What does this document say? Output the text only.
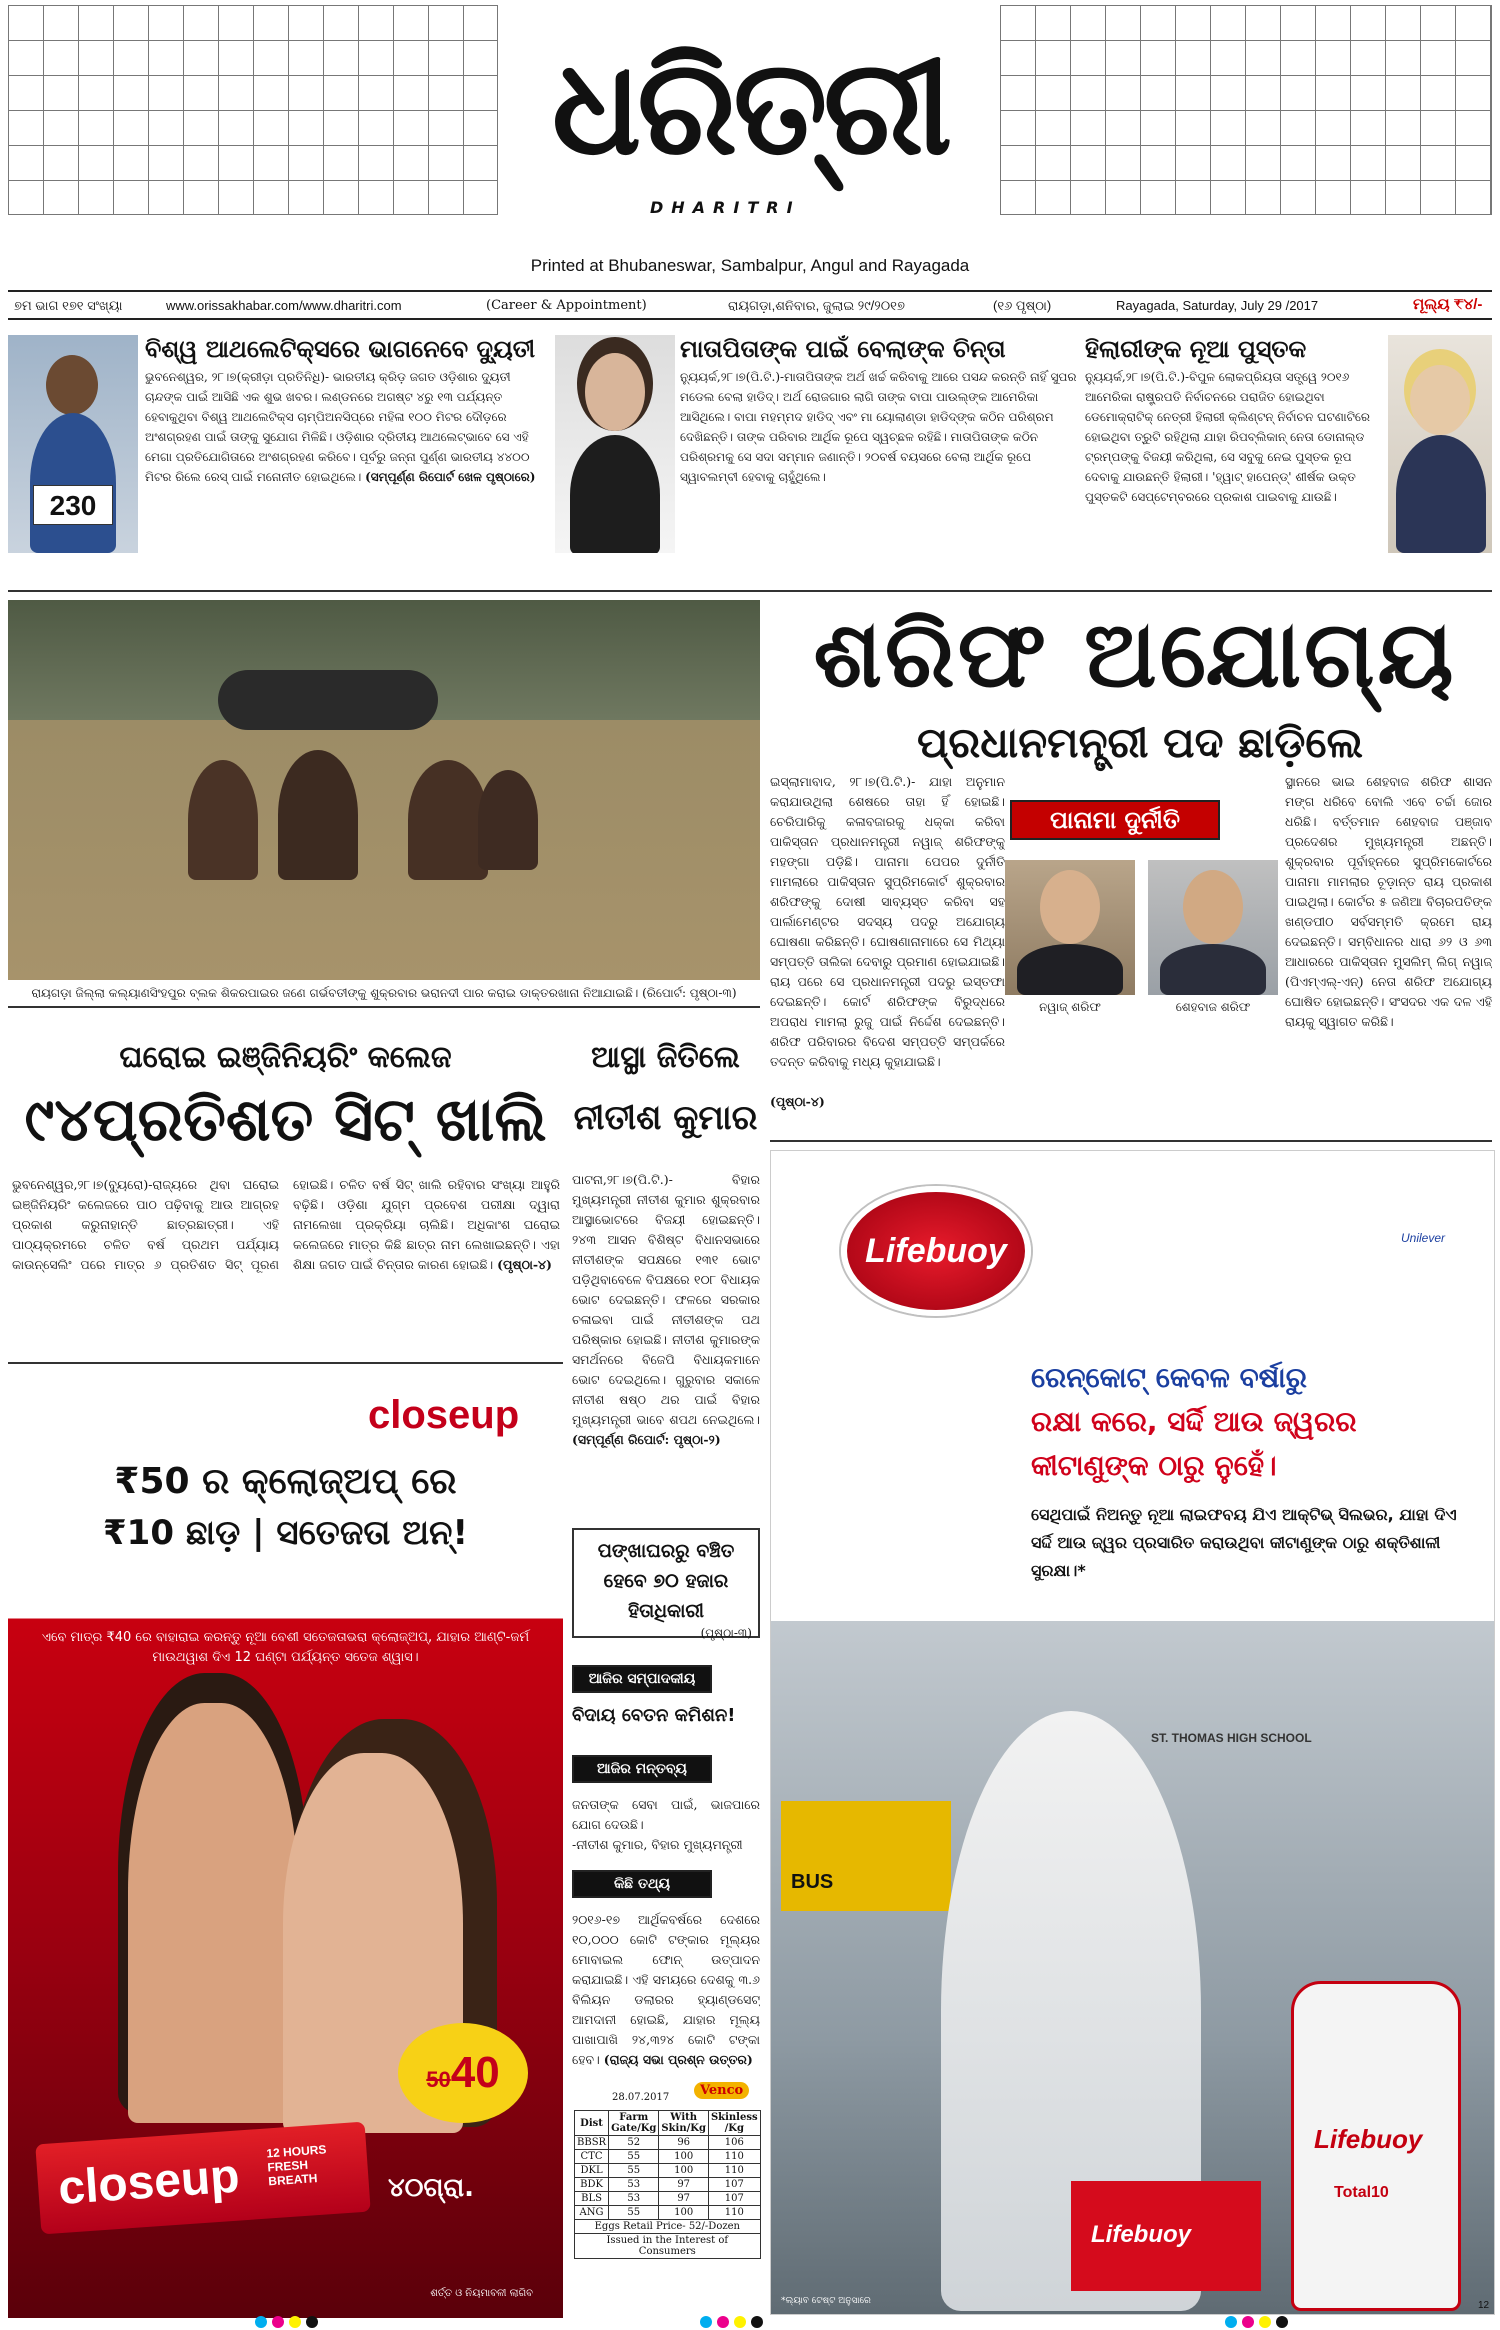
ଧରିତ୍ରୀ
DHARITRI
Printed at Bhubaneswar, Sambalpur, Angul and Rayagada
୭ମ ଭାଗ ୧୭୧ ସଂଖ୍ୟା	www.orissakhabar.com/www.dharitri.com	(Career & Appointment)	ରାୟଗଡ଼ା,ଶନିବାର, ଜୁଲାଇ ୨୯/୨୦୧୭	(୧୬ ପୃଷ୍ଠା)	Rayagada, Saturday, July 29 /2017	ମୂଲ୍ୟ ₹୪/-
230
ବିଶ୍ୱ ଆଥଲେଟିକ୍ସରେ ଭାଗନେବେ ଦ୍ୟୁତୀ

ଭୁବନେଶ୍ୱର, ୨୮।୭(କ୍ରୀଡ଼ା ପ୍ରତିନିଧି)- ଭାରତୀୟ କ୍ରିଡ଼ ଜଗତ ଓଡ଼ିଶାର ଦ୍ୟୁତୀ ଚାନ୍ଦଙ୍କ ପାଇଁ ଆସିଛି ଏକ ଶୁଭ ଖବର। ଲଣ୍ଡନରେ ଅଗଷ୍ଟ ୪ରୁ ୧୩ ପର୍ଯ୍ୟନ୍ତ ହେବାକୁଥିବା ବିଶ୍ୱ ଆଥଲେଟିକ୍ସ ଚାମ୍ପିଅନସିପ୍‌ରେ ମହିଳା ୧୦୦ ମିଟର ଦୌଡ଼ରେ ଅଂଶଗ୍ରହଣ ପାଇଁ ତାଙ୍କୁ ସୁଯୋଗ ମିଳିଛି। ଓଡ଼ିଶାର ଦ୍ରିତୀୟ ଆଥଲେଟ୍‌ଭାବେ ସେ ଏହି ମେଗା ପ୍ରତିଯୋଗିତାରେ ଅଂଶଗ୍ରହଣ କରିବେ। ପୂର୍ବରୁ ଜନ୍ନା ପୁର୍ଣ୍ଣ ଭାରତୀୟ ୪୪୦୦ ମିଟର ରିଲେ ରେସ୍ ପାଇଁ ମନୋନୀତ ହୋଇଥିଲେ। (ସମ୍ପୂର୍ଣ୍ଣ ରିପୋର୍ଟ ଖେଳ ପୃଷ୍ଠାରେ)

ମାତାପିତାଙ୍କ ପାଇଁ ବେଲାଙ୍କ ଚିନ୍ତା

ନ୍ୟୁୟର୍କ,୨୮।୭(ପି.ଟି.)-ମାତାପିତାଙ୍କ ଅର୍ଥ ଖର୍ଚ୍ଚ କରିବାକୁ ଆରେ ପସନ୍ଦ କରନ୍ତି ନାହିଁ ସୁପର ମଡେଲ ବେଲା ହାଡିଦ୍। ଅର୍ଥ ରୋଜଗାର ଲାଗି ତାଙ୍କ ବାପା ପାଉଲ୍‌ଙ୍କ ଆମେରିକା ଆସିଥିଲେ। ବାପା ମହମ୍ମଦ ହାଡିଦ୍ ଏବଂ ମା ୟୋଲାଣ୍ଡା ହାଡିଦ୍‌ଙ୍କ କଠିନ ପରିଶ୍ରମ ଦେଖିଛନ୍ତି। ତାଙ୍କ ପରିବାର ଆର୍ଥିକ ରୂପେ ସ୍ୱଚ୍ଛଳ ରହିଛି। ମାତାପିତାଙ୍କ କଠିନ ପରିଶ୍ରମକୁ ସେ ସଦା ସମ୍ମାନ ଜଣାନ୍ତି। ୨୦ବର୍ଷ ବୟସରେ ବେଲା ଆର୍ଥିକ ରୂପେ ସ୍ୱାବଲମ୍ବୀ ହେବାକୁ ଚାହୁଁଥିଲେ।

ହିଲାରୀଙ୍କ ନୂଆ ପୁସ୍ତକ

ନ୍ୟୁୟର୍କ,୨୮।୭(ପି.ଟି.)-ବିପୁଳ ଲୋକପ୍ରିୟତା ସତ୍ତ୍ୱେ ୨୦୧୬ ଆମେରିକା ରାଷ୍ଟ୍ରପତି ନିର୍ବାଚନରେ ପରାଜିତ ହୋଇଥିବା ଡେମୋକ୍ରାଟିକ୍ ନେତ୍ରୀ ହିଲାରୀ କ୍ଲିଣ୍ଟନ୍ ନିର୍ବାଚନ ଘଟଣାଟିରେ ହୋଇଥିବା ତ୍ରୁଟି ରହିଥିଲା ଯାହା ରିପବ୍ଲିକାନ୍ ନେତା ଡୋନାଲ୍ଡ ଟ୍ରମ୍ପଙ୍କୁ ବିଜୟୀ କରିଥିଲା, ସେ ସବୁକୁ ନେଇ ପୁସ୍ତକ ରୂପ ଦେବାକୁ ଯାଉଛନ୍ତି ହିଲାରୀ। 'ହ୍ୱାଟ୍ ହାପେନ୍ଡ୍' ଶୀର୍ଷକ ଉକ୍ତ ପୁସ୍ତକଟି ସେପ୍ଟେମ୍ବରରେ ପ୍ରକାଶ ପାଇବାକୁ ଯାଉଛି।

ରାୟଗଡ଼ା ଜିଲ୍ଲା କଲ୍ୟାଣସିଂହପୁର ବ୍ଲକ ଶିକରପାଇର ଜଣେ ଗର୍ଭବତୀଙ୍କୁ ଶୁକ୍ରବାର ଭରାନଦୀ ପାର କରାଇ ଡାକ୍ତରଖାନା ନିଆଯାଇଛି। (ରିପୋର୍ଟ: ପୃଷ୍ଠା-୩)
ଶରିଫ ଅଯୋଗ୍ୟ
ପ୍ରଧାନମନ୍ତ୍ରୀ ପଦ ଛାଡ଼ିଲେ
ଇସ୍‌ଲାମାବାଦ, ୨୮।୭(ପି.ଟି.)- ଯାହା ଅନୁମାନ କରାଯାଉଥିଲା ଶେଷରେ ତାହା ହିଁ ହୋଇଛି। ଚେରିପାରିକୁ କଳାବଜାରକୁ ଧକ୍କା କରିବା ପାକିସ୍ତାନ ପ୍ରଧାନମନ୍ତ୍ରୀ ନୱାଜ୍ ଶରିଫଙ୍କୁ ମହଙ୍ଗା ପଡ଼ିଛି। ପାନାମା ପେପର ଦୁର୍ନୀତି ମାମଲାରେ ପାକିସ୍ତାନ ସୁପ୍ରିମକୋର୍ଟ ଶୁକ୍ରବାର ଶରିଫଙ୍କୁ ଦୋଷୀ ସାବ୍ୟସ୍ତ କରିବା ସହ ପାର୍ଲାମେଣ୍ଟର ସଦସ୍ୟ ପଦରୁ ଅଯୋଗ୍ୟ ଘୋଷଣା କରିଛନ୍ତି। ଘୋଷଣାନାମାରେ ସେ ମିଥ୍ୟା ସମ୍ପତ୍ତି ତାଲିକା ଦେବାରୁ ପ୍ରମାଣ ହୋଇଯାଇଛି। ରାୟ ପରେ ସେ ପ୍ରଧାନମନ୍ତ୍ରୀ ପଦରୁ ଇସ୍ତଫା ଦେଇଛନ୍ତି। କୋର୍ଟ ଶରିଫଙ୍କ ବିରୁଦ୍ଧରେ ଅପରାଧ ମାମଲା ରୁଜୁ ପାଇଁ ନିର୍ଦ୍ଦେଶ ଦେଇଛନ୍ତି। ଶରିଫ ପରିବାରର ବିଦେଶ ସମ୍ପତ୍ତି ସମ୍ପର୍କରେ ତଦନ୍ତ କରିବାକୁ ମଧ୍ୟ କୁହାଯାଇଛି।
ପାନାମା ଦୁର୍ନୀତି
ନୱାଜ୍ ଶରିଫ	ଶେହବାଜ ଶରିଫ
ସ୍ଥାନରେ ଭାଇ ଶେହବାଜ ଶରିଫ ଶାସନ ମଙ୍ଗ ଧରିବେ ବୋଲି ଏବେ ଚର୍ଚ୍ଚା ଜୋର ଧରିଛି। ବର୍ତ୍ତମାନ ଶେହବାଜ ପଞ୍ଜାବ ପ୍ରଦେଶର ମୁଖ୍ୟମନ୍ତ୍ରୀ ଅଛନ୍ତି। ଶୁକ୍ରବାର ପୂର୍ବାହ୍ନରେ ସୁପ୍ରିମକୋର୍ଟରେ ପାନାମା ମାମଲାର ଚୂଡ଼ାନ୍ତ ରାୟ ପ୍ରକାଶ ପାଇଥିଲା। କୋର୍ଟର ୫ ଜଣିଆ ବିଚାରପତିଙ୍କ ଖଣ୍ଡପୀଠ ସର୍ବସମ୍ମତି କ୍ରମେ ରାୟ ଦେଇଛନ୍ତି। ସମ୍ବିଧାନର ଧାରା ୬୨ ଓ ୬୩ ଆଧାରରେ ପାକିସ୍ତାନ ମୁସଲିମ୍ ଲିଗ୍ ନୱାଜ୍ (ପିଏମ୍‌ଏଲ୍-ଏନ୍) ନେତା ଶରିଫ ଅଯୋଗ୍ୟ ଘୋଷିତ ହୋଇଛନ୍ତି। ସଂସଦର ଏକ ଦଳ ଏହି ରାୟକୁ ସ୍ୱାଗତ କରିଛି।
(ପୃଷ୍ଠା-୪)
ଘରୋଇ ଇଞ୍ଜିନିୟରିଂ କଲେଜ
୯୪ପ୍ରତିଶତ ସିଟ୍ ଖାଲି
ଭୁବନେଶ୍ୱର,୨୮।୭(ବ୍ୟୁରୋ)-ରାଜ୍ୟରେ ଥିବା ଘରୋଇ ଇଞ୍ଜିନିୟରିଂ କଲେଜରେ ପାଠ ପଢ଼ିବାକୁ ଆଉ ଆଗ୍ରହ ପ୍ରକାଶ କରୁନାହାନ୍ତି ଛାତ୍ରଛାତ୍ରୀ। ଏହି ପାଠ୍ୟକ୍ରମରେ ଚଳିତ ବର୍ଷ ପ୍ରଥମ ପର୍ଯ୍ୟାୟ କାଉନ୍‌ସେଲିଂ ପରେ ମାତ୍ର ୬ ପ୍ରତିଶତ ସିଟ୍ ପୂରଣ ହୋଇଛି। ଚଳିତ ବର୍ଷ ସିଟ୍ ଖାଲି ରହିବାର ସଂଖ୍ୟା ଆହୁରି ବଢ଼ିଛି। ଓଡ଼ିଶା ଯୁଗ୍ମ ପ୍ରବେଶ ପରୀକ୍ଷା ଦ୍ୱାରା ନାମଲେଖା ପ୍ରକ୍ରିୟା ଚାଲିଛି। ଅଧିକାଂଶ ଘରୋଇ କଲେଜରେ ମାତ୍ର କିଛି ଛାତ୍ର ନାମ ଲେଖାଇଛନ୍ତି। ଏହା ଶିକ୍ଷା ଜଗତ ପାଇଁ ଚିନ୍ତାର କାରଣ ହୋଇଛି। (ପୃଷ୍ଠା-୪)
ଆସ୍ଥା ଜିତିଲେ
ନୀତୀଶ କୁମାର
ପାଟନା,୨୮।୭(ପି.ଟି.)- ବିହାର ମୁଖ୍ୟମନ୍ତ୍ରୀ ନୀତୀଶ କୁମାର ଶୁକ୍ରବାର ଆସ୍ଥାଭୋଟରେ ବିଜୟୀ ହୋଇଛନ୍ତି। ୨୪୩ ଆସନ ବିଶିଷ୍ଟ ବିଧାନସଭାରେ ନୀତୀଶଙ୍କ ସପକ୍ଷରେ ୧୩୧ ଭୋଟ ପଡ଼ିଥିବାବେଳେ ବିପକ୍ଷରେ ୧୦୮ ବିଧାୟକ ଭୋଟ ଦେଇଛନ୍ତି। ଫଳରେ ସରକାର ଚଳାଇବା ପାଇଁ ନୀତୀଶଙ୍କ ପଥ ପରିଷ୍କାର ହୋଇଛି। ନୀତୀଶ କୁମାରଙ୍କ ସମର୍ଥନରେ ବିଜେପି ବିଧାୟକମାନେ ଭୋଟ ଦେଇଥିଲେ। ଗୁରୁବାର ସକାଳେ ନୀତୀଶ ଷଷ୍ଠ ଥର ପାଇଁ ବିହାର ମୁଖ୍ୟମନ୍ତ୍ରୀ ଭାବେ ଶପଥ ନେଇଥିଲେ। (ସମ୍ପୂର୍ଣ୍ଣ ରିପୋର୍ଟ: ପୃଷ୍ଠା-୨)
ପଙ୍ଖାଘରରୁ ବଞ୍ଚିତ ହେବେ ୭୦ ହଜାର ହିତାଧିକାରୀ
(ପୃଷ୍ଠା-୩)
ଆଜିର ସମ୍ପାଦକୀୟ
ବିଦାୟ ବେତନ କମିଶନ!
ଆଜିର ମନ୍ତବ୍ୟ
ଜନତାଙ୍କ ସେବା ପାଇଁ, ଭାଜପାରେ ଯୋଗ ଦେଉଛି।
-ନୀତୀଶ କୁମାର, ବିହାର ମୁଖ୍ୟମନ୍ତ୍ରୀ
କିଛି ତଥ୍ୟ
୨୦୧୬-୧୭ ଆର୍ଥିକବର୍ଷରେ ଦେଶରେ ୧୦,୦୦୦ କୋଟି ଟଙ୍କାର ମୂଲ୍ୟର ମୋବାଇଲ ଫୋନ୍ ଉତ୍ପାଦନ କରାଯାଇଛି। ଏହି ସମୟରେ ଦେଶକୁ ୩.୬ ବିଲିୟନ ଡଲାରର ହ୍ୟାଣ୍ଡସେଟ୍ ଆମଦାନୀ ହୋଇଛି, ଯାହାର ମୂଲ୍ୟ ପାଖାପାଖି ୨୪,୩୨୪ କୋଟି ଟଙ୍କା ହେବ। (ରାଜ୍ୟ ସଭା ପ୍ରଶ୍ନ ଉତ୍ତର)
28.07.2017	Venco
Dist	Farm Gate/Kg	With Skin/Kg	Skinless /Kg
BBSR	52	96	106
CTC	55	100	110
DKL	55	100	110
BDK	53	97	107
BLS	53	97	107
ANG	55	100	110
Eggs Retail Price- 52/-Dozen			
Issued in the Interest of Consumers			
closeup
₹50 ର କ୍ଲୋଜ୍‌ଅପ୍ ରେ
₹10 ଛାଡ଼ | ସତେଜତା ଅନ୍!
ଏବେ ମାତ୍ର ₹40 ରେ ବାହାରାଇ କରନ୍ତୁ ନୂଆ ବେଶୀ ସତେଜତାଭରା କ୍ଲୋଜ୍‌ଅପ୍, ଯାହାର ଆଣ୍ଟି-ଜର୍ମ ମାଉଥୱାଶ ଦିଏ 12 ଘଣ୍ଟା ପର୍ଯ୍ୟନ୍ତ ସତେଜ ଶ୍ୱାସ।
5040
closeup 12 HOURS FRESH BREATH	୪୦ଗ୍ରା.
ଶର୍ତ୍ତ ଓ ନିୟମାବଳୀ ଲାଗିବ
Lifebuoy	Unilever
ରେନ୍‌କୋଟ୍ କେବଳ ବର୍ଷାରୁ
ରକ୍ଷା କରେ, ସର୍ଦ୍ଦି ଆଉ ଜ୍ୱରର
କୀଟାଣୁଙ୍କ ଠାରୁ ନୁହେଁ।
ସେଥିପାଇଁ ନିଅନ୍ତୁ ନୂଆ ଲାଇଫବୟ ଯିଏ ଆକ୍ଟିଭ୍ ସିଲଭର, ଯାହା ଦିଏ ସର୍ଦ୍ଦି ଆଉ ଜ୍ୱର ପ୍ରସାରିତ କରାଉଥିବା କୀଟାଣୁଙ୍କ ଠାରୁ ଶକ୍ତିଶାଳୀ ସୁରକ୍ଷା।*
ST. THOMAS HIGH SCHOOL
BUS
Lifebuoy
Total10
Lifebuoy
*ଲ୍ୟାବ ଟେଷ୍ଟ ଅନୁସାରେ	12
